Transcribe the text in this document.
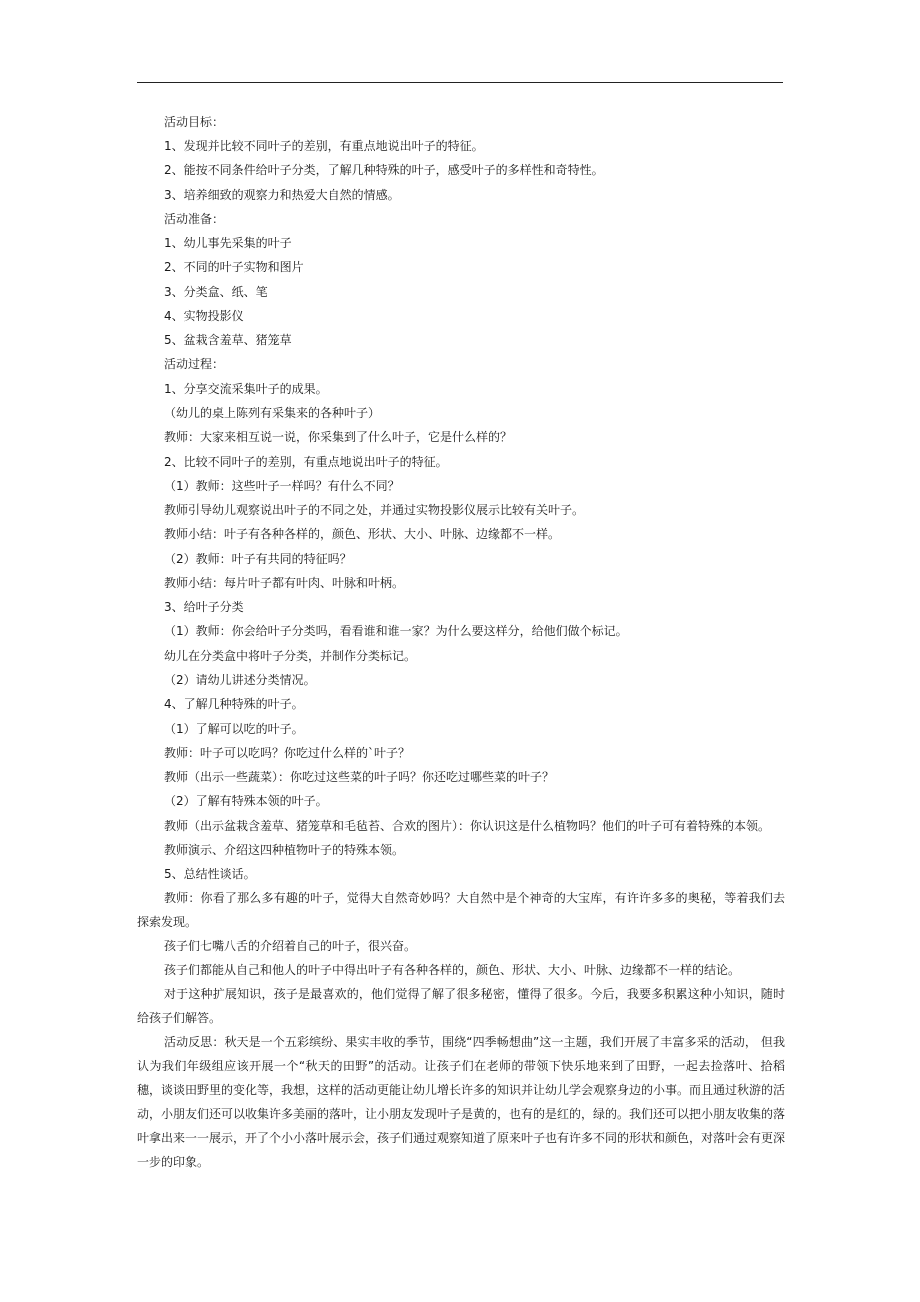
活动目标：
1、发现并比较不同叶子的差别，有重点地说出叶子的特征。
2、能按不同条件给叶子分类，了解几种特殊的叶子，感受叶子的多样性和奇特性。
3、培养细致的观察力和热爱大自然的情感。
活动准备：
1、幼儿事先采集的叶子
2、不同的叶子实物和图片
3、分类盒、纸、笔
4、实物投影仪
5、盆栽含羞草、猪笼草
活动过程：
1、分享交流采集叶子的成果。
（幼儿的桌上陈列有采集来的各种叶子）
教师：大家来相互说一说，你采集到了什么叶子，它是什么样的？
2、比较不同叶子的差别，有重点地说出叶子的特征。
（1）教师：这些叶子一样吗？有什么不同？
教师引导幼儿观察说出叶子的不同之处，并通过实物投影仪展示比较有关叶子。
教师小结：叶子有各种各样的，颜色、形状、大小、叶脉、边缘都不一样。
（2）教师：叶子有共同的特征吗？
教师小结：每片叶子都有叶肉、叶脉和叶柄。
3、给叶子分类
（1）教师：你会给叶子分类吗，看看谁和谁一家？为什么要这样分，给他们做个标记。
幼儿在分类盒中将叶子分类，并制作分类标记。
（2）请幼儿讲述分类情况。
4、了解几种特殊的叶子。
（1）了解可以吃的叶子。
教师：叶子可以吃吗？你吃过什么样的`叶子？
教师（出示一些蔬菜）：你吃过这些菜的叶子吗？你还吃过哪些菜的叶子？
（2）了解有特殊本领的叶子。
教师（出示盆栽含羞草、猪笼草和毛毡苔、合欢的图片）：你认识这是什么植物吗？他们的叶子可有着特殊的本领。
教师演示、介绍这四种植物叶子的特殊本领。
5、总结性谈话。
教师：你看了那么多有趣的叶子，觉得大自然奇妙吗？大自然中是个神奇的大宝库，有许许多多的奥秘，等着我们去探索发现。
孩子们七嘴八舌的介绍着自己的叶子，很兴奋。
孩子们都能从自己和他人的叶子中得出叶子有各种各样的，颜色、形状、大小、叶脉、边缘都不一样的结论。
对于这种扩展知识，孩子是最喜欢的，他们觉得了解了很多秘密，懂得了很多。今后，我要多积累这种小知识，随时给孩子们解答。
活动反思：秋天是一个五彩缤纷、果实丰收的季节，围绕“四季畅想曲”这一主题，我们开展了丰富多采的活动， 但我认为我们年级组应该开展一个“秋天的田野”的活动。让孩子们在老师的带领下快乐地来到了田野，一起去捡落叶、拾稻穗，谈谈田野里的变化等，我想，这样的活动更能让幼儿增长许多的知识并让幼儿学会观察身边的小事。而且通过秋游的活动，小朋友们还可以收集许多美丽的落叶，让小朋友发现叶子是黄的，也有的是红的，绿的。我们还可以把小朋友收集的落叶拿出来一一展示，开了个小小落叶展示会，孩子们通过观察知道了原来叶子也有许多不同的形状和颜色，对落叶会有更深一步的印象。
